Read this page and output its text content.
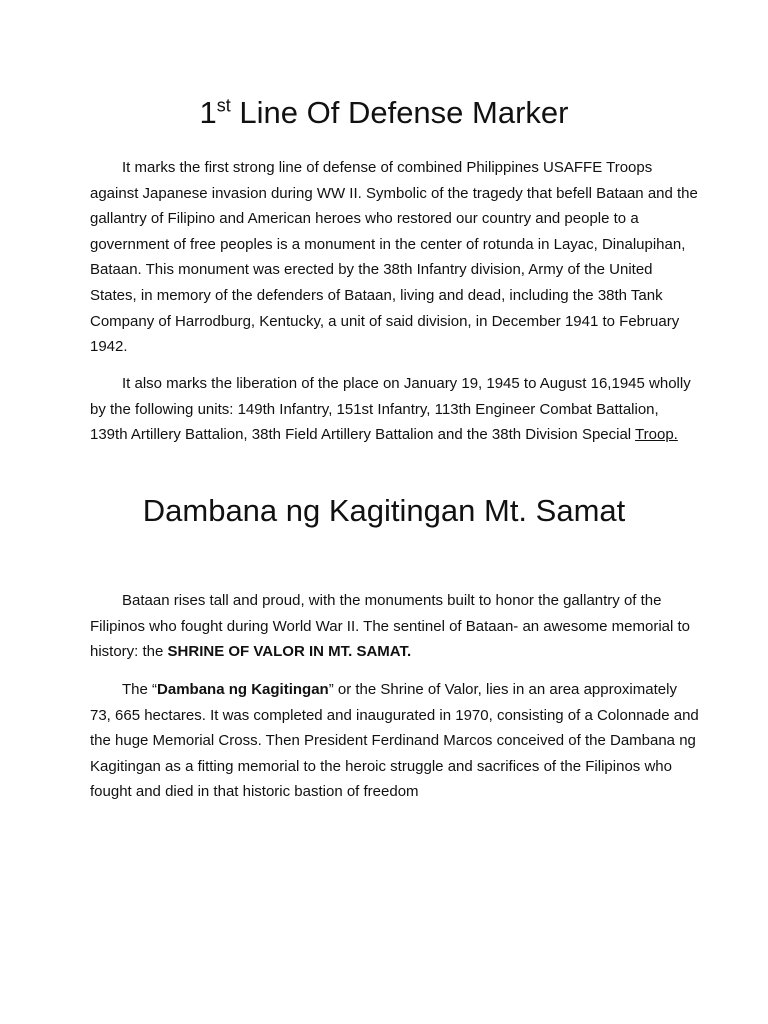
1st Line Of Defense Marker

It marks the first strong line of defense of combined Philippines USAFFE Troops against Japanese invasion during WW II. Symbolic of the tragedy that befell Bataan and the gallantry of Filipino and American heroes who restored our country and people to a government of free peoples is a monument in the center of rotunda in Layac, Dinalupihan, Bataan. This monument was erected by the 38th Infantry division, Army of the United States, in memory of the defenders of Bataan, living and dead, including the 38th Tank Company of Harrodburg, Kentucky, a unit of said division, in December 1941 to February 1942.

It also marks the liberation of the place on January 19, 1945 to August 16,1945 wholly by the following units: 149th Infantry, 151st Infantry, 113th Engineer Combat Battalion, 139th Artillery Battalion, 38th Field Artillery Battalion and the 38th Division Special Troop.

Dambana ng Kagitingan Mt. Samat

Bataan rises tall and proud, with the monuments built to honor the gallantry of the Filipinos who fought during World War II. The sentinel of Bataan- an awesome memorial to history: the SHRINE OF VALOR IN MT. SAMAT.

The “Dambana ng Kagitingan” or the Shrine of Valor, lies in an area approximately 73, 665 hectares. It was completed and inaugurated in 1970, consisting of a Colonnade and the huge Memorial Cross. Then President Ferdinand Marcos conceived of the Dambana ng Kagitingan as a fitting memorial to the heroic struggle and sacrifices of the Filipinos who fought and died in that historic bastion of freedom
